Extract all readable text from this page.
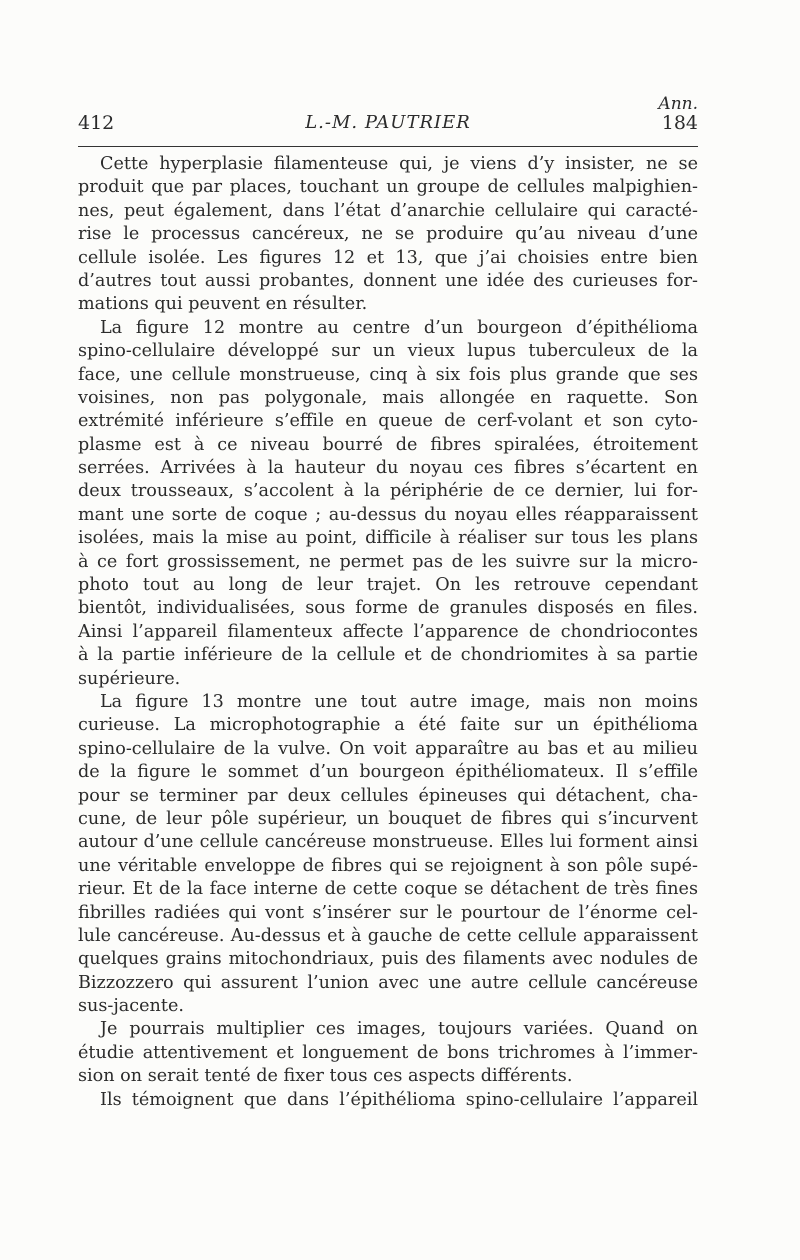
Ann.
412	L.-M. PAUTRIER	184
Cette hyperplasie filamenteuse qui, je viens d’y insister, ne se
produit que par places, touchant un groupe de cellules malpighien-
nes, peut également, dans l’état d’anarchie cellulaire qui caracté-
rise le processus cancéreux, ne se produire qu’au niveau d’une
cellule isolée. Les figures 12 et 13, que j’ai choisies entre bien
d’autres tout aussi probantes, donnent une idée des curieuses for-
mations qui peuvent en résulter.
La figure 12 montre au centre d’un bourgeon d’épithélioma
spino-cellulaire développé sur un vieux lupus tuberculeux de la
face, une cellule monstrueuse, cinq à six fois plus grande que ses
voisines, non pas polygonale, mais allongée en raquette. Son
extrémité inférieure s’effile en queue de cerf-volant et son cyto-
plasme est à ce niveau bourré de fibres spiralées, étroitement
serrées. Arrivées à la hauteur du noyau ces fibres s’écartent en
deux trousseaux, s’accolent à la périphérie de ce dernier, lui for-
mant une sorte de coque ; au-dessus du noyau elles réapparaissent
isolées, mais la mise au point, difficile à réaliser sur tous les plans
à ce fort grossissement, ne permet pas de les suivre sur la micro-
photo tout au long de leur trajet. On les retrouve cependant
bientôt, individualisées, sous forme de granules disposés en files.
Ainsi l’appareil filamenteux affecte l’apparence de chondriocontes
à la partie inférieure de la cellule et de chondriomites à sa partie
supérieure.
La figure 13 montre une tout autre image, mais non moins
curieuse. La microphotographie a été faite sur un épithélioma
spino-cellulaire de la vulve. On voit apparaître au bas et au milieu
de la figure le sommet d’un bourgeon épithéliomateux. Il s’effile
pour se terminer par deux cellules épineuses qui détachent, cha-
cune, de leur pôle supérieur, un bouquet de fibres qui s’incurvent
autour d’une cellule cancéreuse monstrueuse. Elles lui forment ainsi
une véritable enveloppe de fibres qui se rejoignent à son pôle supé-
rieur. Et de la face interne de cette coque se détachent de très fines
fibrilles radiées qui vont s’insérer sur le pourtour de l’énorme cel-
lule cancéreuse. Au-dessus et à gauche de cette cellule apparaissent
quelques grains mitochondriaux, puis des filaments avec nodules de
Bizzozzero qui assurent l’union avec une autre cellule cancéreuse
sus-jacente.
Je pourrais multiplier ces images, toujours variées. Quand on
étudie attentivement et longuement de bons trichromes à l’immer-
sion on serait tenté de fixer tous ces aspects différents.
Ils témoignent que dans l’épithélioma spino-cellulaire l’appareil
